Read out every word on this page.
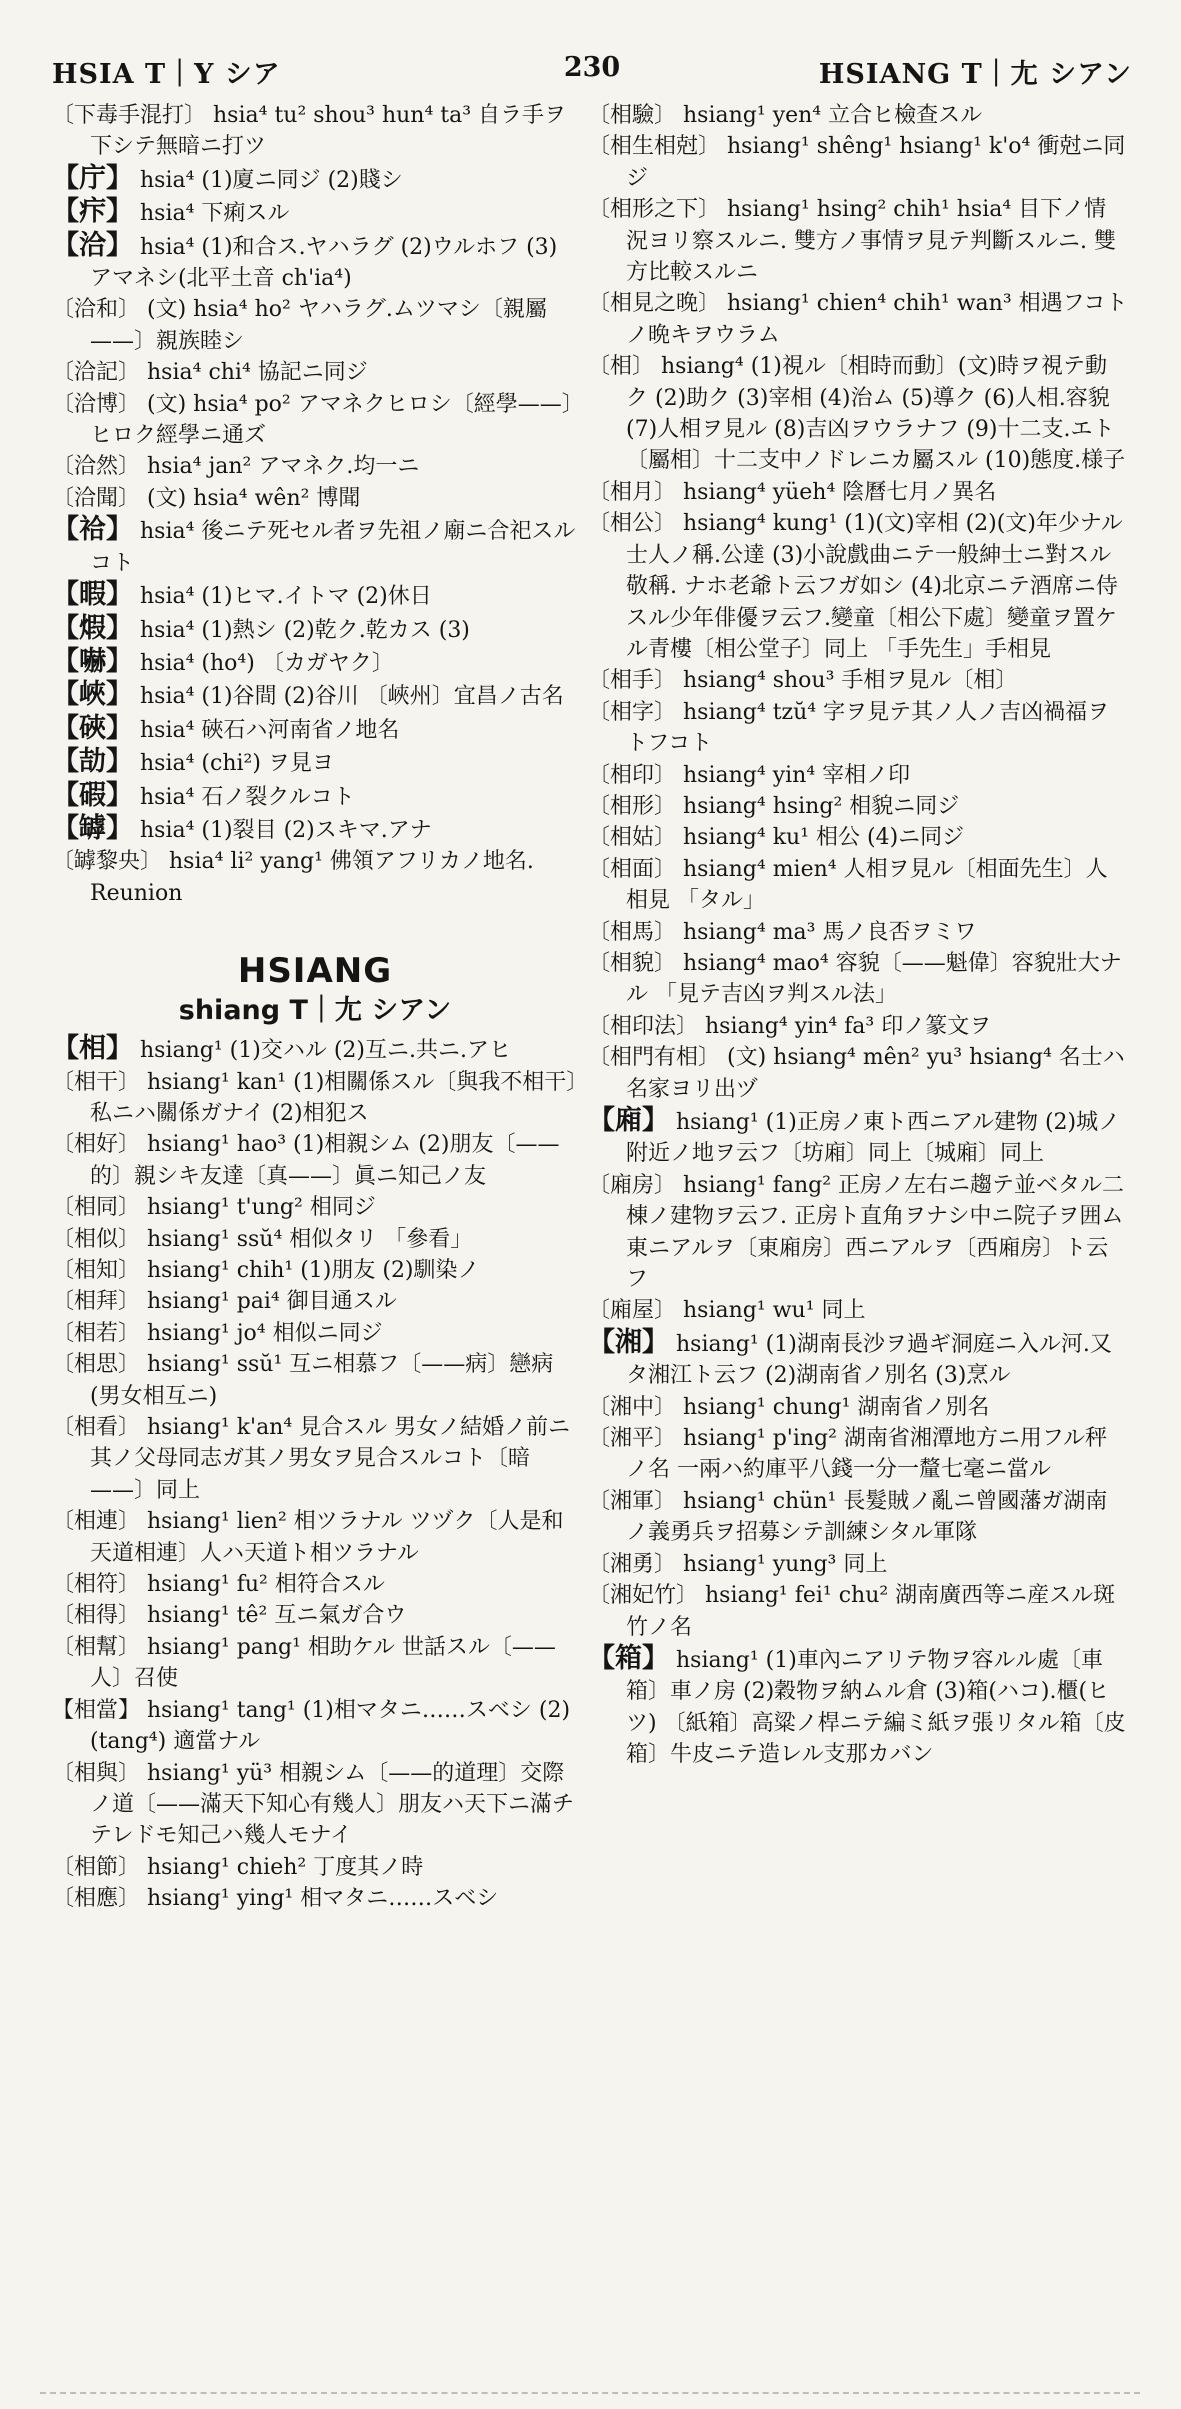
HSIA T｜Y シア	230	HSIANG T｜尢 シアン

〔下毒手混打〕 hsia⁴ tu² shou³ hun⁴ ta³ 自ラ手ヲ下シテ無暗ニ打ツ

【庁】 hsia⁴ (1)廈ニ同ジ (2)賤シ

【疜】 hsia⁴ 下痢スル

【洽】 hsia⁴ (1)和合ス.ヤハラグ (2)ウルホフ (3)アマネシ(北平土音 ch'ia⁴)

〔洽和〕 (文) hsia⁴ ho² ヤハラグ.ムツマシ〔親屬——〕親族睦シ

〔洽記〕 hsia⁴ chi⁴ 協記ニ同ジ

〔洽博〕 (文) hsia⁴ po² アマネクヒロシ〔經學——〕ヒロク經學ニ通ズ

〔洽然〕 hsia⁴ jan² アマネク.均一ニ

〔洽聞〕 (文) hsia⁴ wên² 博聞

【祫】 hsia⁴ 後ニテ死セル者ヲ先祖ノ廟ニ合祀スルコト

【暇】 hsia⁴ (1)ヒマ.イトマ (2)休日

【煆】 hsia⁴ (1)熱シ (2)乾ク.乾カス (3)

【嚇】 hsia⁴ (ho⁴) 〔カガヤク〕

【峽】 hsia⁴ (1)谷間 (2)谷川 〔峽州〕宜昌ノ古名

【硤】 hsia⁴ 硤石ハ河南省ノ地名

【劼】 hsia⁴ (chi²) ヲ見ヨ

【碬】 hsia⁴ 石ノ裂クルコト

【罅】 hsia⁴ (1)裂目 (2)スキマ.アナ

〔罅黎央〕 hsia⁴ li² yang¹ 佛領アフリカノ地名. Reunion

HSIANG
shiang T｜尢 シアン

【相】 hsiang¹ (1)交ハル (2)互ニ.共ニ.アヒ

〔相干〕 hsiang¹ kan¹ (1)相關係スル〔與我不相干〕私ニハ關係ガナイ (2)相犯ス

〔相好〕 hsiang¹ hao³ (1)相親シム (2)朋友〔——的〕親シキ友達〔真——〕眞ニ知己ノ友

〔相同〕 hsiang¹ t'ung² 相同ジ

〔相似〕 hsiang¹ ssŭ⁴ 相似タリ 「參看」

〔相知〕 hsiang¹ chih¹ (1)朋友 (2)馴染ノ

〔相拜〕 hsiang¹ pai⁴ 御目通スル

〔相若〕 hsiang¹ jo⁴ 相似ニ同ジ

〔相思〕 hsiang¹ ssŭ¹ 互ニ相慕フ〔——病〕戀病(男女相互ニ)

〔相看〕 hsiang¹ k'an⁴ 見合スル 男女ノ結婚ノ前ニ其ノ父母同志ガ其ノ男女ヲ見合スルコト〔暗——〕同上

〔相連〕 hsiang¹ lien² 相ツラナル ツヅク〔人是和天道相連〕人ハ天道ト相ツラナル

〔相符〕 hsiang¹ fu² 相符合スル

〔相得〕 hsiang¹ tê² 互ニ氣ガ合ウ

〔相幫〕 hsiang¹ pang¹ 相助ケル 世話スル〔——人〕召使

【相當】 hsiang¹ tang¹ (1)相マタニ……スベシ (2)(tang⁴) 適當ナル

〔相與〕 hsiang¹ yü³ 相親シム〔——的道理〕交際ノ道〔——滿天下知心有幾人〕朋友ハ天下ニ滿チテレドモ知己ハ幾人モナイ

〔相節〕 hsiang¹ chieh² 丁度其ノ時

〔相應〕 hsiang¹ ying¹ 相マタニ……スベシ

〔相驗〕 hsiang¹ yen⁴ 立合ヒ檢查スル

〔相生相尅〕 hsiang¹ shêng¹ hsiang¹ k'o⁴ 衝尅ニ同ジ

〔相形之下〕 hsiang¹ hsing² chih¹ hsia⁴ 目下ノ情況ヨリ察スルニ. 雙方ノ事情ヲ見テ判斷スルニ. 雙方比較スルニ

〔相見之晚〕 hsiang¹ chien⁴ chih¹ wan³ 相遇フコトノ晩キヲウラム

〔相〕 hsiang⁴ (1)視ル〔相時而動〕(文)時ヲ視テ動ク (2)助ク (3)宰相 (4)治ム (5)導ク (6)人相.容貌 (7)人相ヲ見ル (8)吉凶ヲウラナフ (9)十二支.エト〔屬相〕十二支中ノドレニカ屬スル (10)態度.様子

〔相月〕 hsiang⁴ yüeh⁴ 陰曆七月ノ異名

〔相公〕 hsiang⁴ kung¹ (1)(文)宰相 (2)(文)年少ナル士人ノ稱.公達 (3)小說戲曲ニテ一般紳士ニ對スル敬稱. ナホ老爺ト云フガ如シ (4)北京ニテ酒席ニ侍スル少年俳優ヲ云フ.變童〔相公下處〕變童ヲ置ケル青樓〔相公堂子〕同上 「手先生」手相見

〔相手〕 hsiang⁴ shou³ 手相ヲ見ル〔相〕

〔相字〕 hsiang⁴ tzŭ⁴ 字ヲ見テ其ノ人ノ吉凶禍福ヲトフコト

〔相印〕 hsiang⁴ yin⁴ 宰相ノ印

〔相形〕 hsiang⁴ hsing² 相貌ニ同ジ

〔相姑〕 hsiang⁴ ku¹ 相公 (4)ニ同ジ

〔相面〕 hsiang⁴ mien⁴ 人相ヲ見ル〔相面先生〕人相見 「タル」

〔相馬〕 hsiang⁴ ma³ 馬ノ良否ヲミワ

〔相貌〕 hsiang⁴ mao⁴ 容貌〔——魁偉〕容貌壯大ナル 「見テ吉凶ヲ判スル法」

〔相印法〕 hsiang⁴ yin⁴ fa³ 印ノ篆文ヲ

〔相門有相〕 (文) hsiang⁴ mên² yu³ hsiang⁴ 名士ハ名家ヨリ出ヅ

【廂】 hsiang¹ (1)正房ノ東ト西ニアル建物 (2)城ノ附近ノ地ヲ云フ〔坊廂〕同上〔城廂〕同上

〔廂房〕 hsiang¹ fang² 正房ノ左右ニ趨テ並ベタル二棟ノ建物ヲ云フ. 正房ト直角ヲナシ中ニ院子ヲ囲ム 東ニアルヲ〔東廂房〕西ニアルヲ〔西廂房〕ト云フ

〔廂屋〕 hsiang¹ wu¹ 同上

【湘】 hsiang¹ (1)湖南長沙ヲ過ギ洞庭ニ入ル河.又タ湘江ト云フ (2)湖南省ノ別名 (3)烹ル

〔湘中〕 hsiang¹ chung¹ 湖南省ノ別名

〔湘平〕 hsiang¹ p'ing² 湖南省湘潭地方ニ用フル秤ノ名 一兩ハ約庫平八錢一分一釐七毫ニ當ル

〔湘軍〕 hsiang¹ chün¹ 長髮賊ノ亂ニ曾國藩ガ湖南ノ義勇兵ヲ招募シテ訓練シタル軍隊

〔湘勇〕 hsiang¹ yung³ 同上

〔湘妃竹〕 hsiang¹ fei¹ chu² 湖南廣西等ニ産スル斑竹ノ名

【箱】 hsiang¹ (1)車內ニアリテ物ヲ容ルル處〔車箱〕車ノ房 (2)穀物ヲ納ムル倉 (3)箱(ハコ).櫃(ヒツ) 〔紙箱〕高粱ノ桿ニテ編ミ紙ヲ張リタル箱〔皮箱〕牛皮ニテ造レル支那カバン
